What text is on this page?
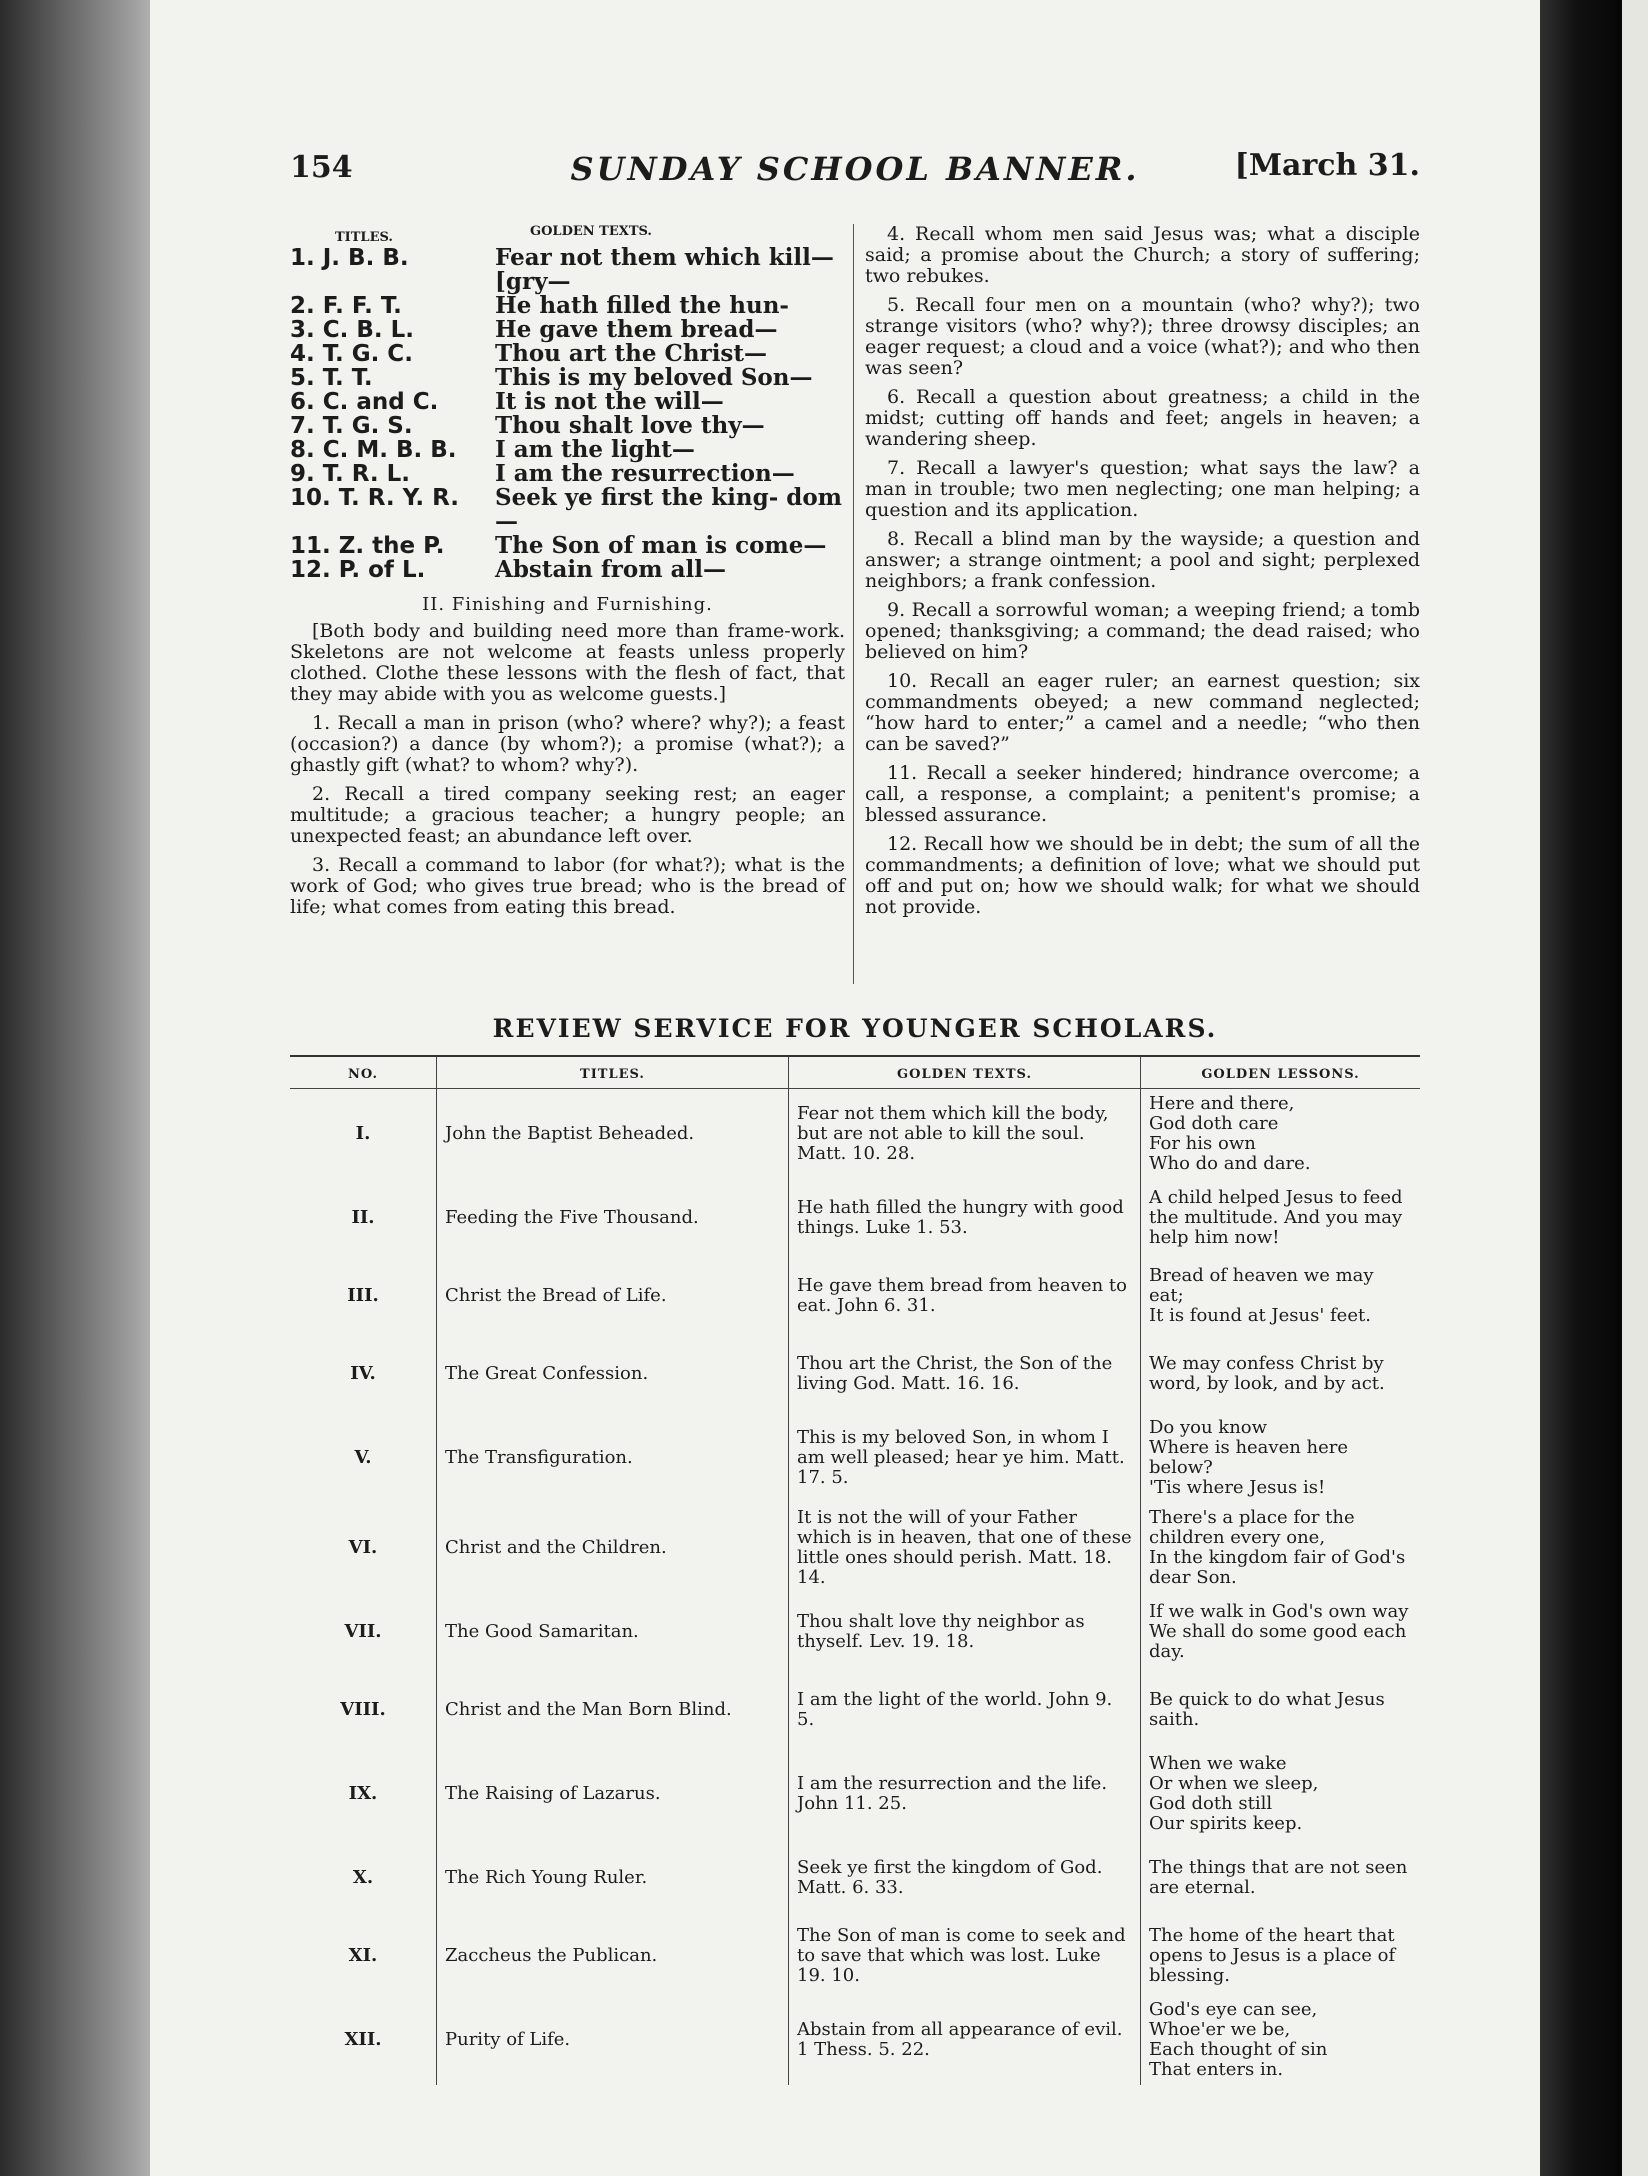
154	SUNDAY SCHOOL BANNER.	[March 31.
TITLES.	GOLDEN TEXTS.
1. J. B. B.	Fear not them which kill— [gry—
2. F. F. T.	He hath filled the hun-
3. C. B. L.	He gave them bread—
4. T. G. C.	Thou art the Christ—
5. T. T.	This is my beloved Son—
6. C. and C.	It is not the will—
7. T. G. S.	Thou shalt love thy—
8. C. M. B. B.	I am the light—
9. T. R. L.	I am the resurrection—
10. T. R. Y. R.	Seek ye first the king- dom—
11. Z. the P.	The Son of man is come—
12. P. of L.	Abstain from all—
II. Finishing and Furnishing.

[Both body and building need more than frame-work. Skeletons are not welcome at feasts unless properly clothed. Clothe these lessons with the flesh of fact, that they may abide with you as welcome guests.]

1. Recall a man in prison (who? where? why?); a feast (occasion?) a dance (by whom?); a promise (what?); a ghastly gift (what? to whom? why?).

2. Recall a tired company seeking rest; an eager multitude; a gracious teacher; a hungry people; an unexpected feast; an abundance left over.

3. Recall a command to labor (for what?); what is the work of God; who gives true bread; who is the bread of life; what comes from eating this bread.

4. Recall whom men said Jesus was; what a disciple said; a promise about the Church; a story of suffering; two rebukes.

5. Recall four men on a mountain (who? why?); two strange visitors (who? why?); three drowsy disciples; an eager request; a cloud and a voice (what?); and who then was seen?

6. Recall a question about greatness; a child in the midst; cutting off hands and feet; angels in heaven; a wandering sheep.

7. Recall a lawyer's question; what says the law? a man in trouble; two men neglecting; one man helping; a question and its application.

8. Recall a blind man by the wayside; a question and answer; a strange ointment; a pool and sight; perplexed neighbors; a frank confession.

9. Recall a sorrowful woman; a weeping friend; a tomb opened; thanksgiving; a command; the dead raised; who believed on him?

10. Recall an eager ruler; an earnest question; six commandments obeyed; a new command neglected; “how hard to enter;” a camel and a needle; “who then can be saved?”

11. Recall a seeker hindered; hindrance overcome; a call, a response, a complaint; a penitent's promise; a blessed assurance.

12. Recall how we should be in debt; the sum of all the commandments; a definition of love; what we should put off and put on; how we should walk; for what we should not provide.

REVIEW SERVICE FOR YOUNGER SCHOLARS.
NO.	TITLES.	GOLDEN TEXTS.	GOLDEN LESSONS.
I.	John the Baptist Beheaded.	Fear not them which kill the body, but are not able to kill the soul. Matt. 10. 28.	Here and there,
God doth care
For his own
Who do and dare.
II.	Feeding the Five Thousand.	He hath filled the hungry with good things. Luke 1. 53.	A child helped Jesus to feed the multitude. And you may help him now!
III.	Christ the Bread of Life.	He gave them bread from heaven to eat. John 6. 31.	Bread of heaven we may eat;
It is found at Jesus' feet.
IV.	The Great Confession.	Thou art the Christ, the Son of the living God. Matt. 16. 16.	We may confess Christ by word, by look, and by act.
V.	The Transfiguration.	This is my beloved Son, in whom I am well pleased; hear ye him. Matt. 17. 5.	Do you know
Where is heaven here below?
'Tis where Jesus is!
VI.	Christ and the Children.	It is not the will of your Father which is in heaven, that one of these little ones should perish. Matt. 18. 14.	There's a place for the children every one,
In the kingdom fair of God's dear Son.
VII.	The Good Samaritan.	Thou shalt love thy neighbor as thyself. Lev. 19. 18.	If we walk in God's own way
We shall do some good each day.
VIII.	Christ and the Man Born Blind.	I am the light of the world. John 9. 5.	Be quick to do what Jesus saith.
IX.	The Raising of Lazarus.	I am the resurrection and the life. John 11. 25.	When we wake
Or when we sleep,
God doth still
Our spirits keep.
X.	The Rich Young Ruler.	Seek ye first the kingdom of God. Matt. 6. 33.	The things that are not seen are eternal.
XI.	Zaccheus the Publican.	The Son of man is come to seek and to save that which was lost. Luke 19. 10.	The home of the heart that opens to Jesus is a place of blessing.
XII.	Purity of Life.	Abstain from all appearance of evil. 1 Thess. 5. 22.	God's eye can see,
Whoe'er we be,
Each thought of sin
That enters in.
